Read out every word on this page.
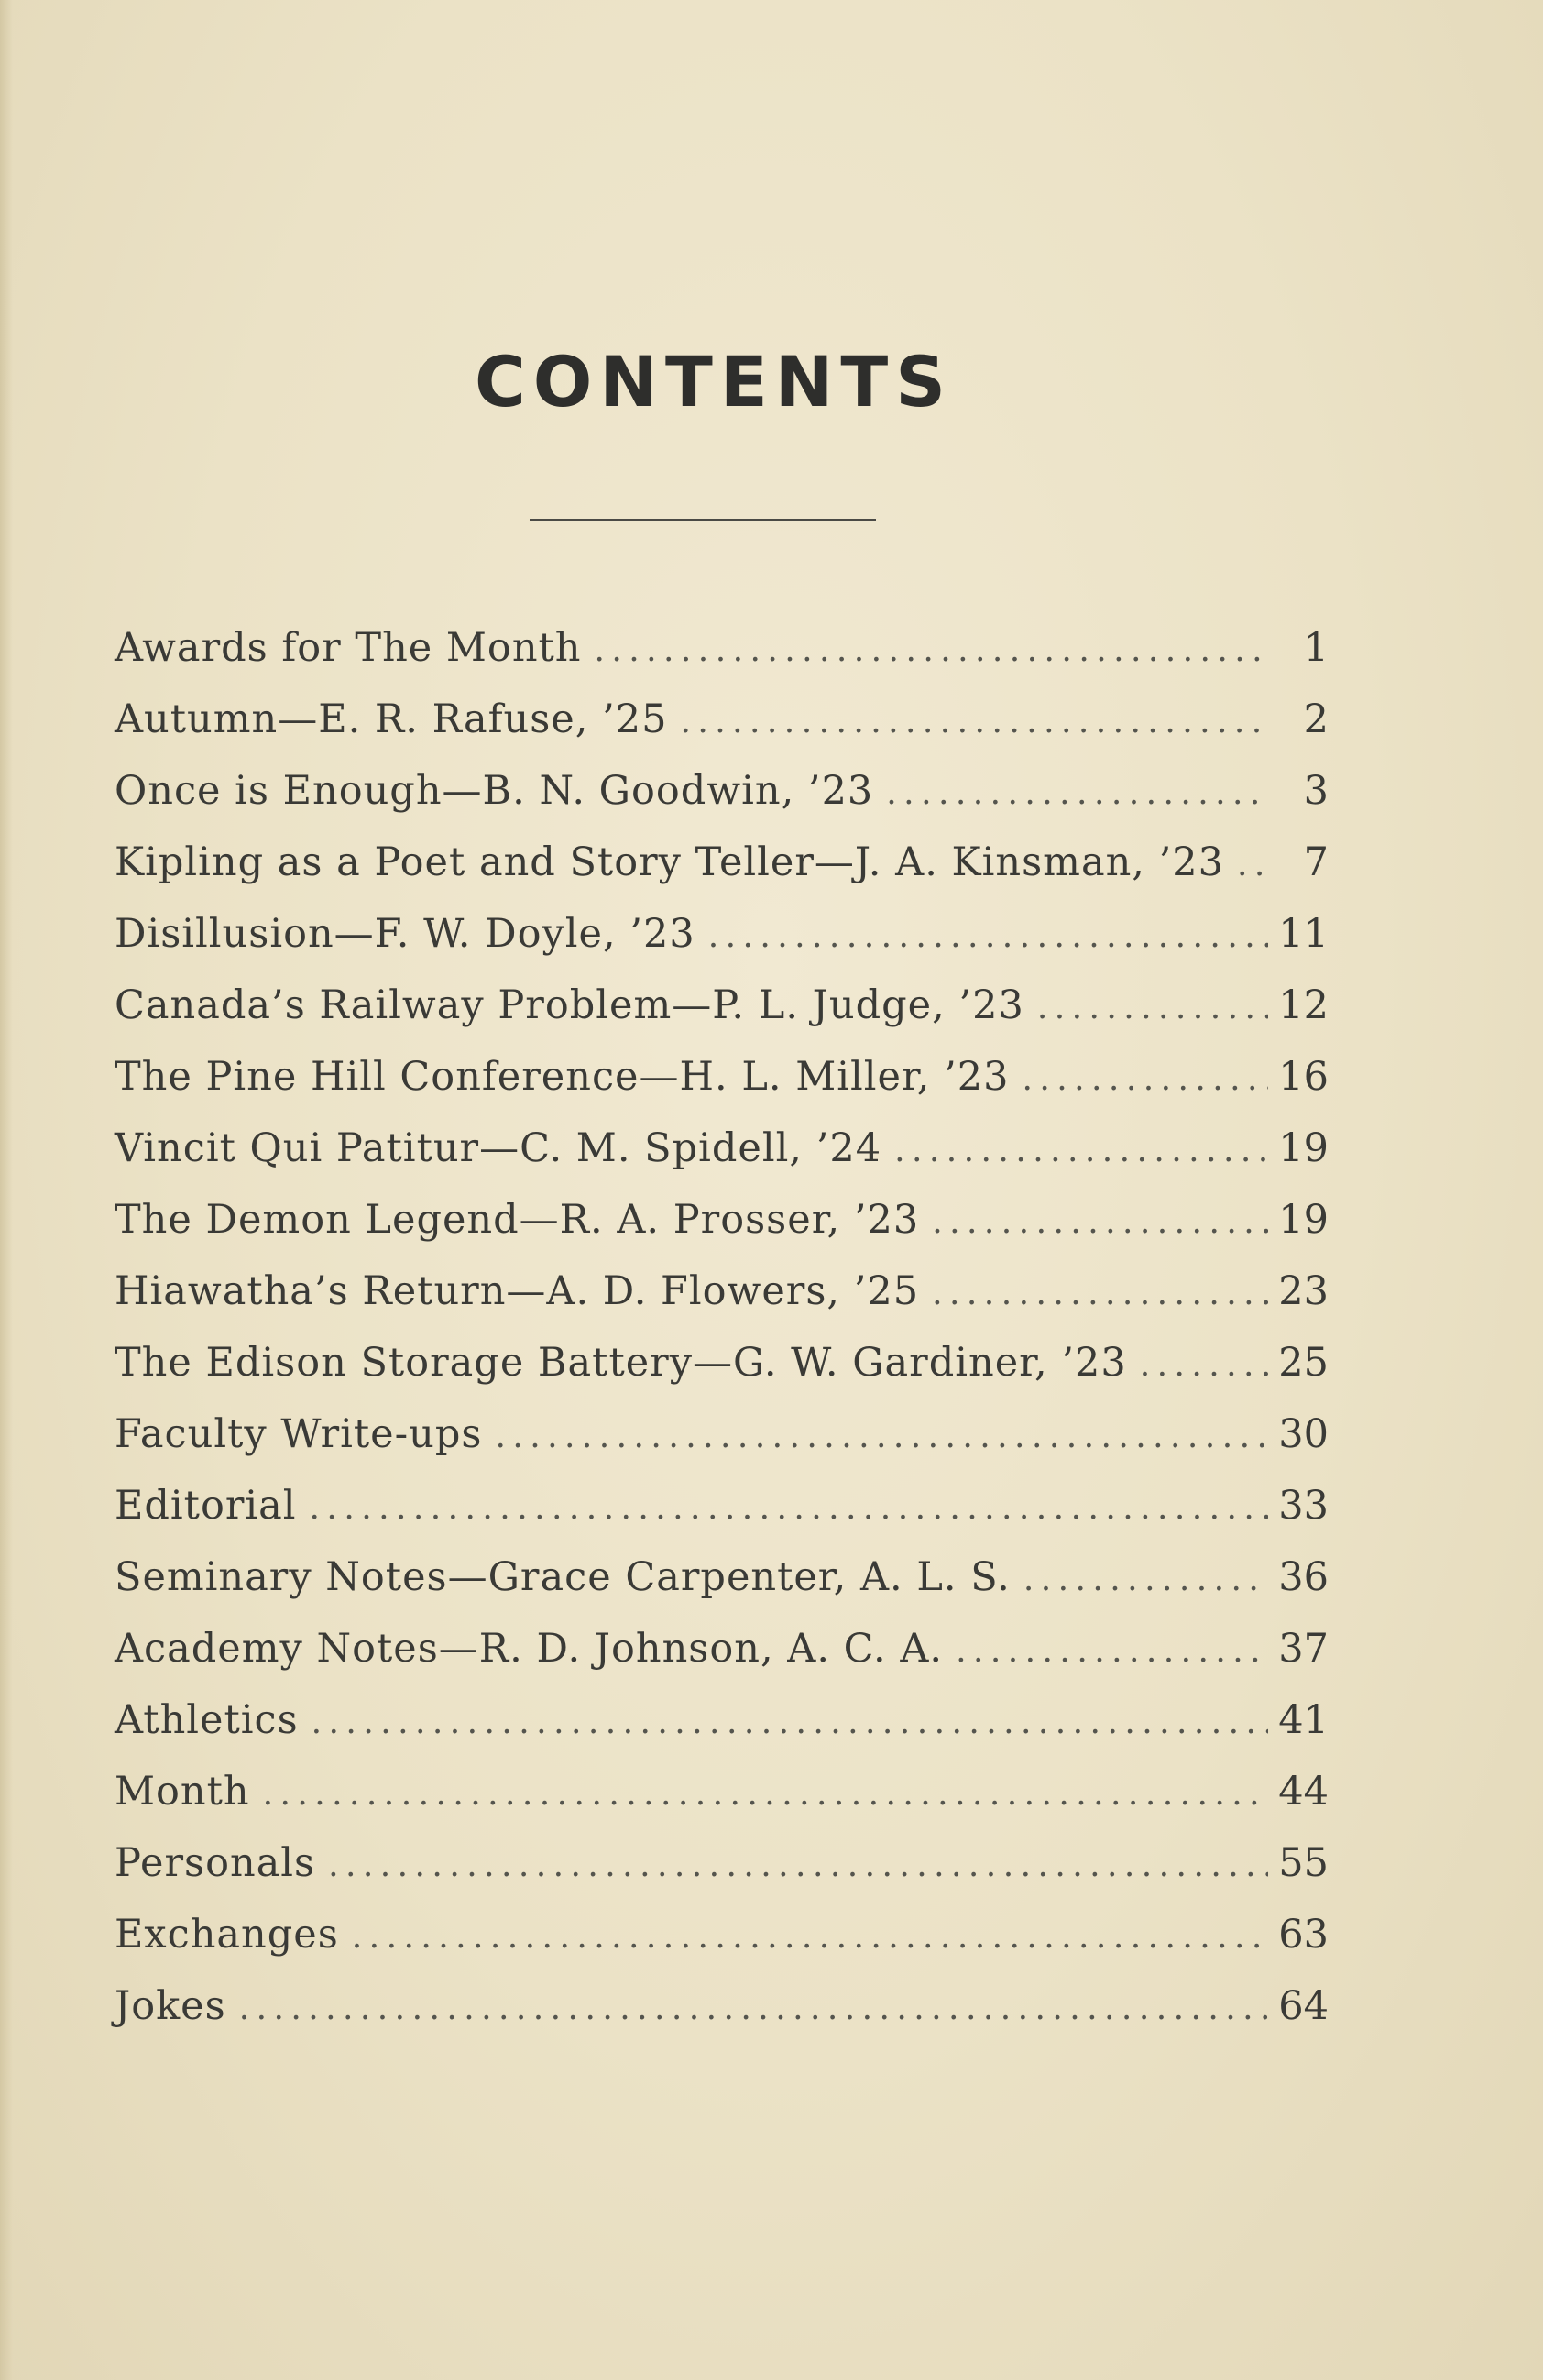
CONTENTS
Awards for The Month . . .	1
Autumn—E. R. Rafuse, ’25 . . .	2
Once is Enough—B. N. Goodwin, ’23 . . .	3
Kipling as a Poet and Story Teller—J. A. Kinsman, ’23 . . .	7
Disillusion—F. W. Doyle, ’23 . . .	11
Canada’s Railway Problem—P. L. Judge, ’23 . . .	12
The Pine Hill Conference—H. L. Miller, ’23 . . .	16
Vincit Qui Patitur—C. M. Spidell, ’24 . . .	19
The Demon Legend—R. A. Prosser, ’23 . . .	19
Hiawatha’s Return—A. D. Flowers, ’25 . . .	23
The Edison Storage Battery—G. W. Gardiner, ’23 . . .	25
Faculty Write-ups . . .	30
Editorial . . .	33
Seminary Notes—Grace Carpenter, A. L. S. . . .	36
Academy Notes—R. D. Johnson, A. C. A. . . .	37
Athletics . . .	41
Month . . .	44
Personals . . .	55
Exchanges . . .	63
Jokes . . .	64
